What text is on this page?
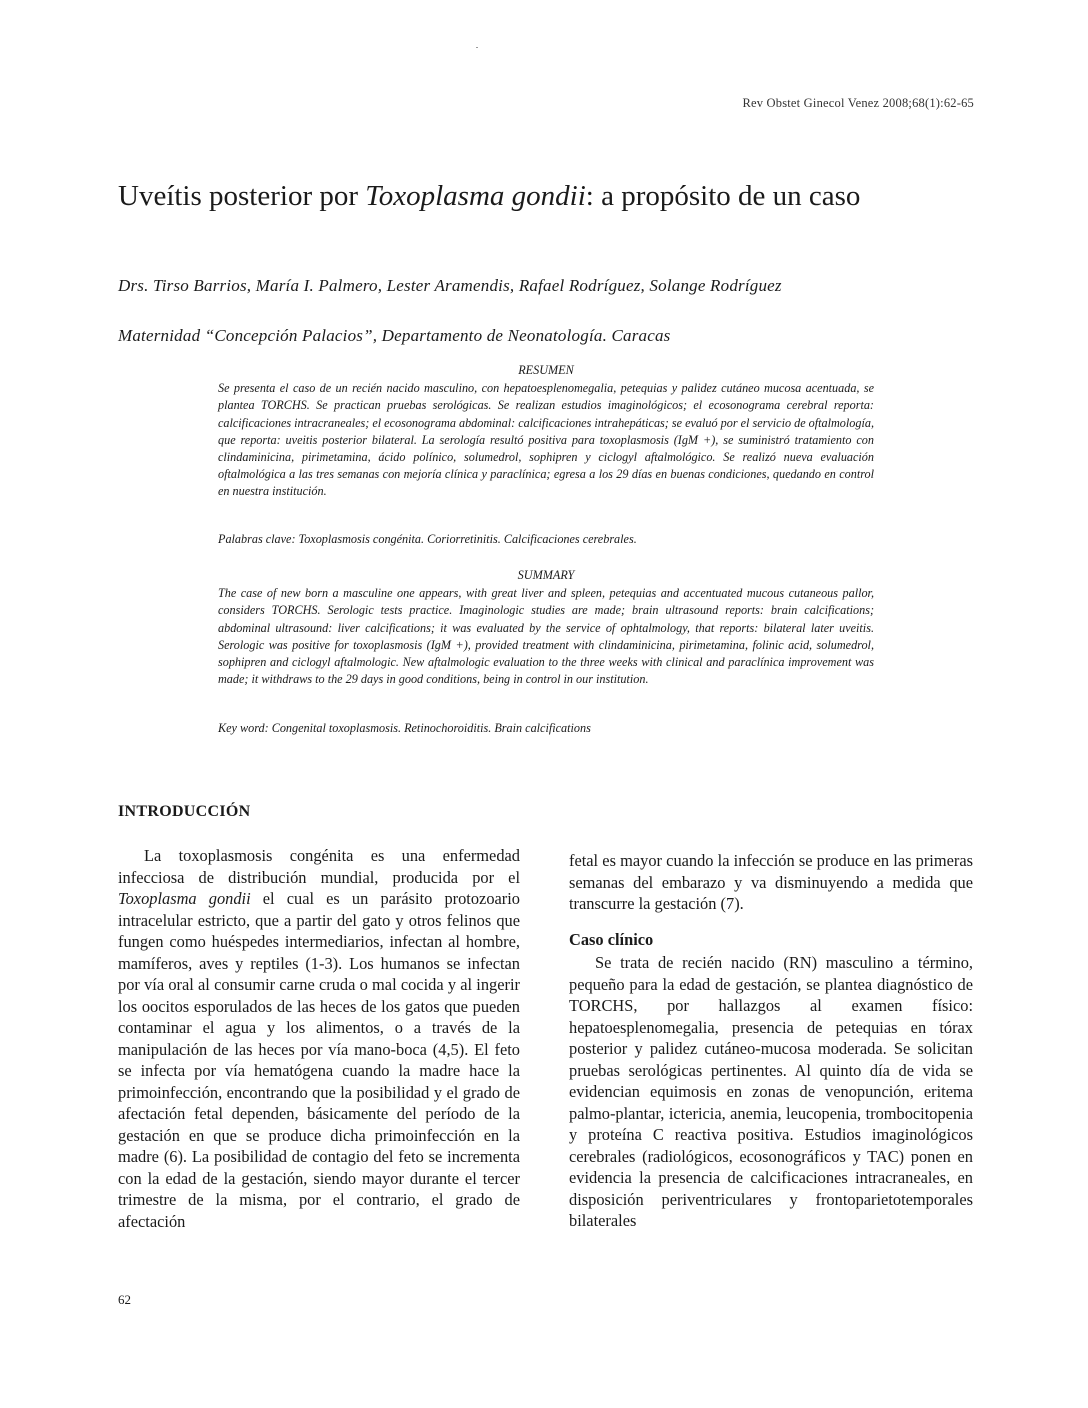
Rev Obstet Ginecol Venez 2008;68(1):62-65
Uveítis posterior por Toxoplasma gondii: a propósito de un caso
Drs. Tirso Barrios, María I. Palmero, Lester Aramendis, Rafael Rodríguez, Solange Rodríguez
Maternidad “Concepción Palacios”, Departamento de Neonatología. Caracas
RESUMEN
Se presenta el caso de un recién nacido masculino, con hepatoesplenomegalia, petequias y palidez cutáneo mucosa acentuada, se plantea TORCHS. Se practican pruebas serológicas. Se realizan estudios imaginológicos; el ecosonograma cerebral reporta: calcificaciones intracraneales; el ecosonograma abdominal: calcificaciones intrahepáticas; se evaluó por el servicio de oftalmología, que reporta: uveitis posterior bilateral. La serología resultó positiva para toxoplasmosis (IgM +), se suministró tratamiento con clindaminicina, pirimetamina, ácido polínico, solumedrol, sophipren y ciclogyl aftalmológico. Se realizó nueva evaluación oftalmológica a las tres semanas con mejoría clínica y paraclínica; egresa a los 29 días en buenas condiciones, quedando en control en nuestra institución.
Palabras clave: Toxoplasmosis congénita. Coriorretinitis. Calcificaciones cerebrales.
SUMMARY
The case of new born a masculine one appears, with great liver and spleen, petequias and accentuated mucous cutaneous pallor, considers TORCHS. Serologic tests practice. Imaginologic studies are made; brain ultrasound reports: brain calcifications; abdominal ultrasound: liver calcifications; it was evaluated by the service of ophtalmology, that reports: bilateral later uveitis. Serologic was positive for toxoplasmosis (IgM +), provided treatment with clindaminicina, pirimetamina, folinic acid, solumedrol, sophipren and ciclogyl aftalmologic. New aftalmologic evaluation to the three weeks with clinical and paraclínica improvement was made; it withdraws to the 29 days in good conditions, being in control in our institution.
Key word: Congenital toxoplasmosis. Retinochoroiditis. Brain calcifications
INTRODUCCIÓN

La toxoplasmosis congénita es una enfermedad infecciosa de distribución mundial, producida por el Toxoplasma gondii el cual es un parásito protozoario intracelular estricto, que a partir del gato y otros felinos que fungen como huéspedes intermediarios, infectan al hombre, mamíferos, aves y reptiles (1-3). Los humanos se infectan por vía oral al consumir carne cruda o mal cocida y al ingerir los oocitos esporulados de las heces de los gatos que pueden contaminar el agua y los alimentos, o a través de la manipulación de las heces por vía mano-boca (4,5). El feto se infecta por vía hematógena cuando la madre hace la primoinfección, encontrando que la posibilidad y el grado de afectación fetal dependen, básicamente del período de la gestación en que se produce dicha primoinfección en la madre (6). La posibilidad de contagio del feto se incrementa con la edad de la gestación, siendo mayor durante el tercer trimestre de la misma, por el contrario, el grado de afectación

fetal es mayor cuando la infección se produce en las primeras semanas del embarazo y va disminuyendo a medida que transcurre la gestación (7).

Caso clínico

Se trata de recién nacido (RN) masculino a término, pequeño para la edad de gestación, se plantea diagnóstico de TORCHS, por hallazgos al examen físico: hepatoesplenomegalia, presencia de petequias en tórax posterior y palidez cutáneo-mucosa moderada. Se solicitan pruebas serológicas pertinentes. Al quinto día de vida se evidencian equimosis en zonas de venopunción, eritema palmo-plantar, ictericia, anemia, leucopenia, trombocitopenia y proteína C reactiva positiva. Estudios imaginológicos cerebrales (radiológicos, ecosonográficos y TAC) ponen en evidencia la presencia de calcificaciones intracraneales, en disposición periventriculares y frontoparietotemporales bilaterales

62
